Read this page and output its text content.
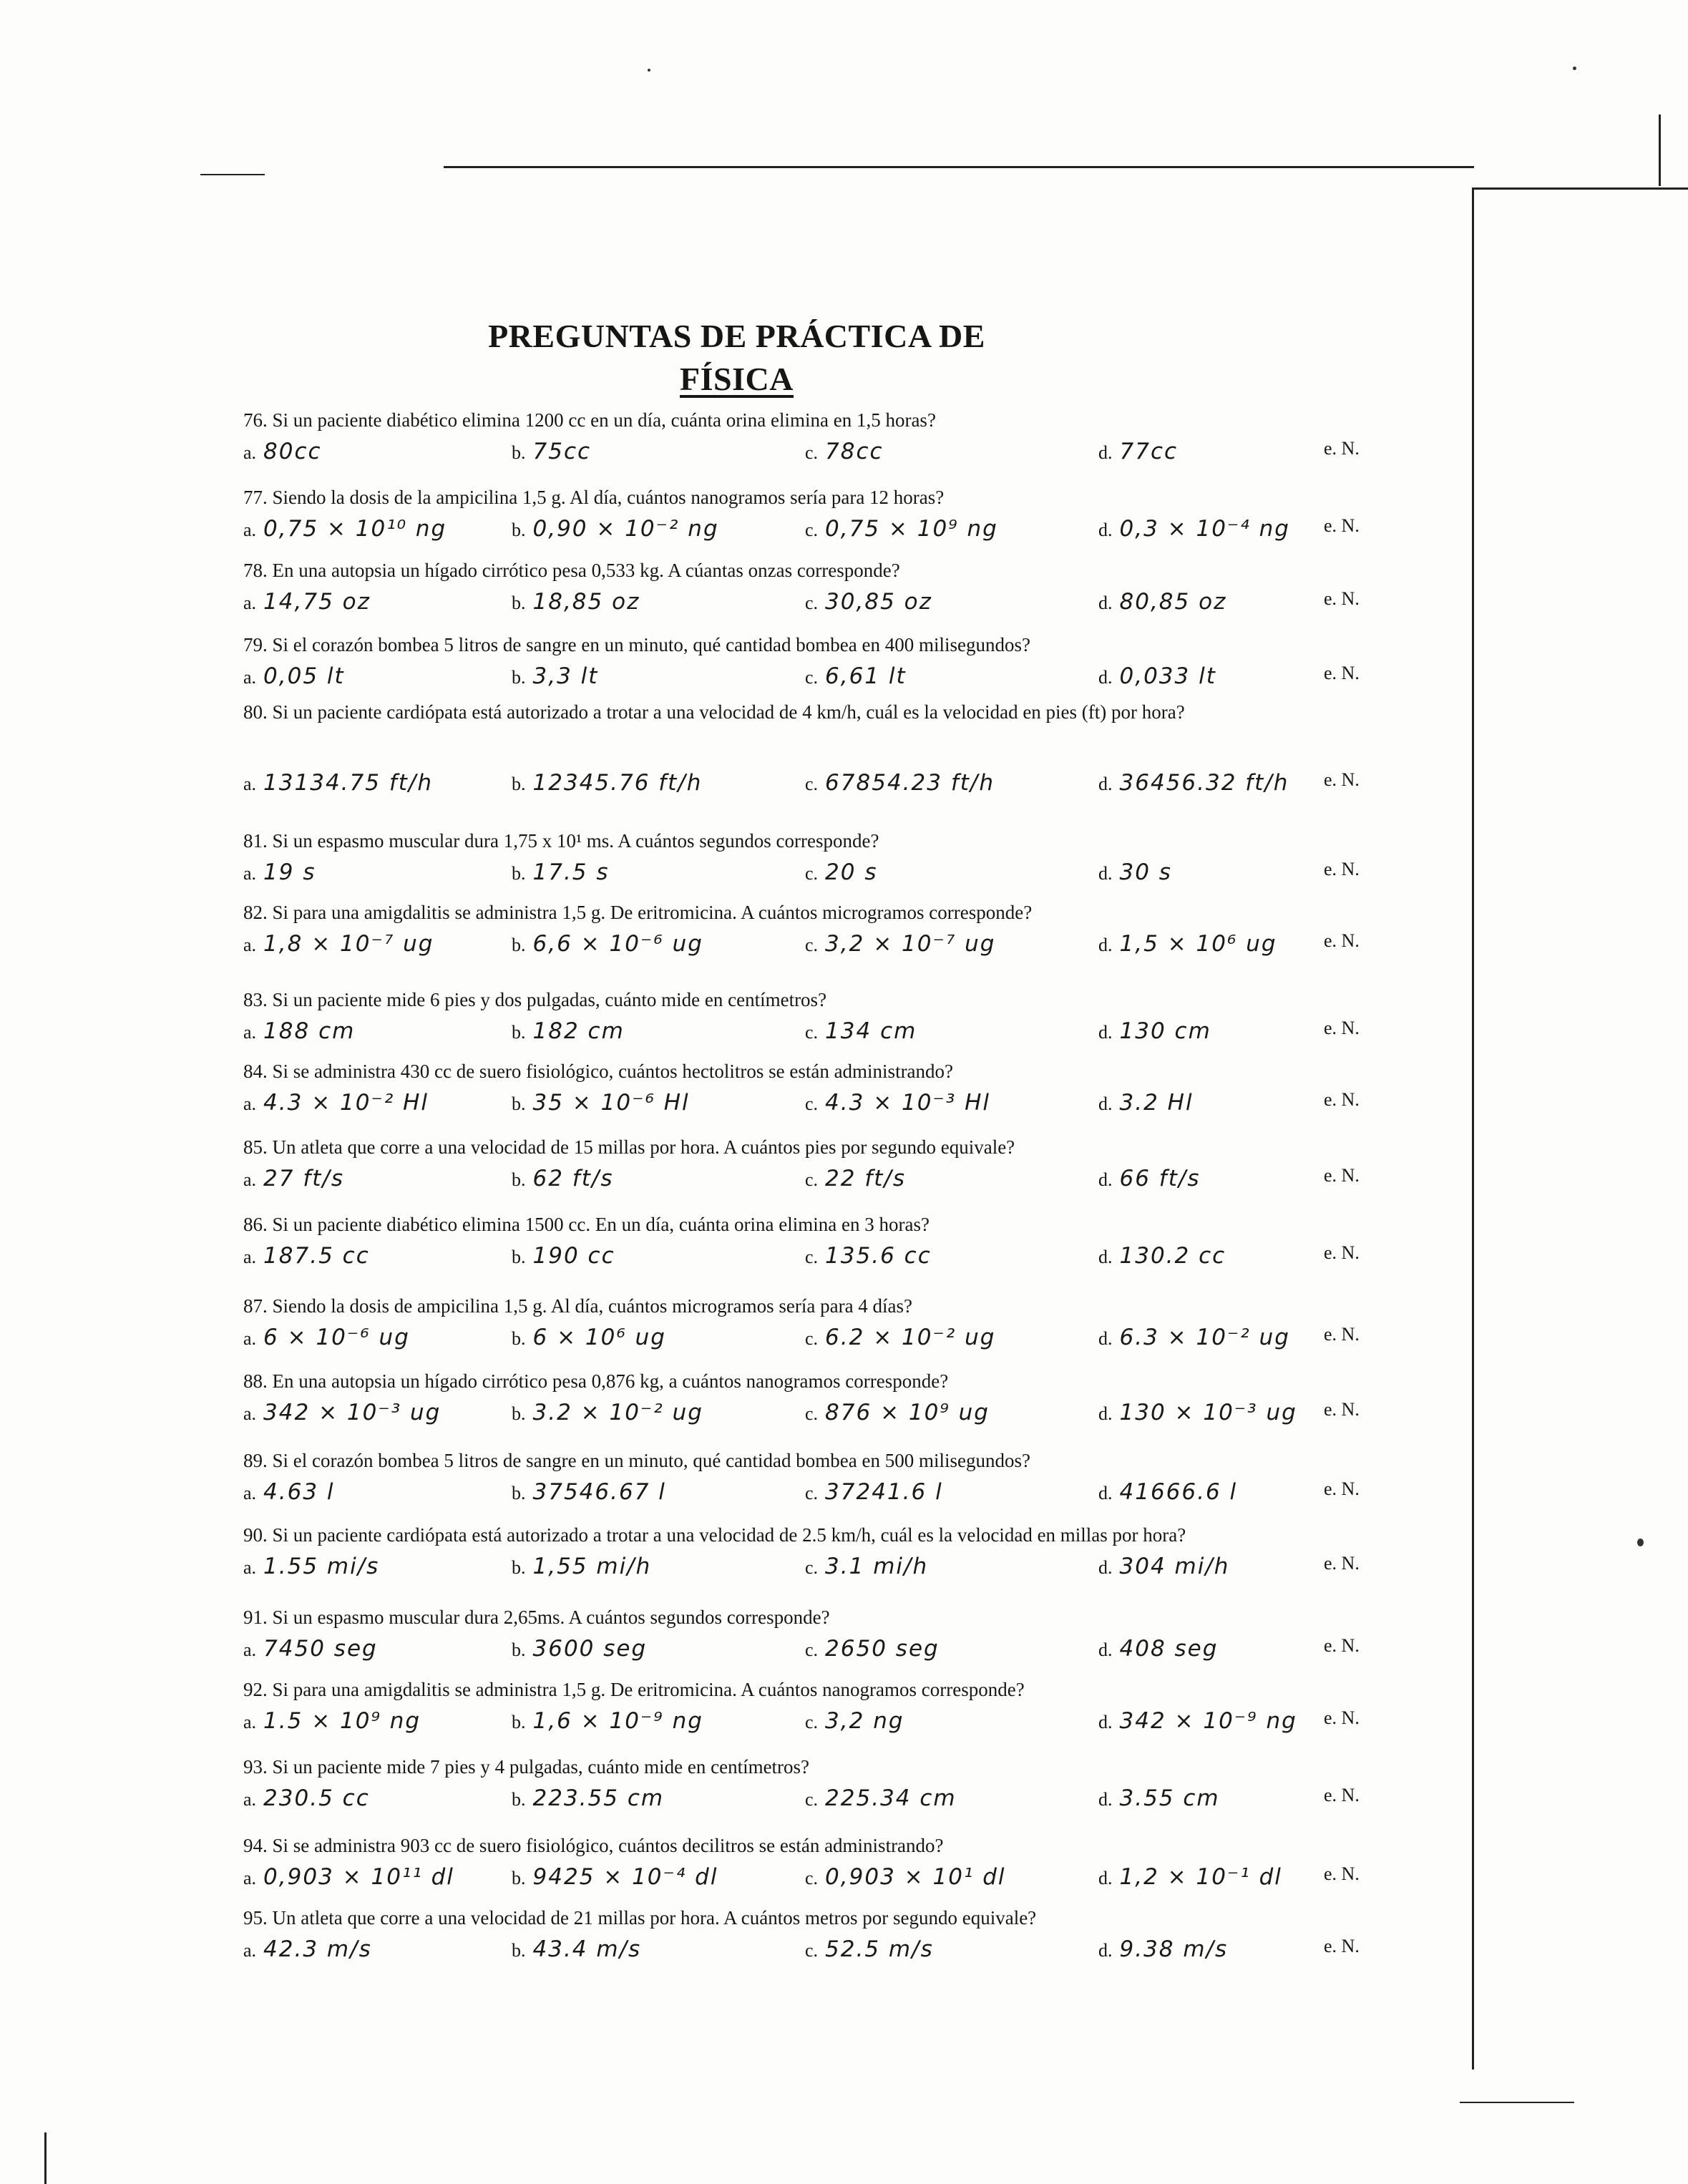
PREGUNTAS DE PRÁCTICA DE
FÍSICA
76. Si un paciente diabético elimina 1200 cc en un día, cuánta orina elimina en 1,5 horas?
a. 80cc	b. 75cc	c. 78cc	d. 77cc	e. N.
77. Siendo la dosis de la ampicilina 1,5 g. Al día, cuántos nanogramos sería para 12 horas?
a. 0,75 × 10¹⁰ ng	b. 0,90 × 10⁻² ng	c. 0,75 × 10⁹ ng	d. 0,3 × 10⁻⁴ ng e. N.
78. En una autopsia un hígado cirrótico pesa 0,533 kg. A cúantas onzas corresponde?
a. 14,75 oz	b. 18,85 oz	c. 30,85 oz	d. 80,85 oz	e. N.
79. Si el corazón bombea 5 litros de sangre en un minuto, qué cantidad bombea en 400 milisegundos?
a. 0,05 lt	b. 3,3 lt	c. 6,61 lt	d. 0,033 lt	e. N.
80. Si un paciente cardiópata está autorizado a trotar a una velocidad de 4 km/h, cuál es la velocidad en pies (ft) por hora?
a. 13134.75 ft/h	b. 12345.76 ft/h	c. 67854.23 ft/h	d. 36456.32 ft/h e. N.
81. Si un espasmo muscular dura 1,75 x 10¹ ms. A cuántos segundos corresponde?
a. 19 s	b. 17.5 s	c. 20 s	d. 30 s	e. N.
82. Si para una amigdalitis se administra 1,5 g. De eritromicina. A cuántos microgramos corresponde?
a. 1,8 × 10⁻⁷ ug	b. 6,6 × 10⁻⁶ ug	c. 3,2 × 10⁻⁷ ug	d. 1,5 × 10⁶ ug	e. N.
83. Si un paciente mide 6 pies y dos pulgadas, cuánto mide en centímetros?
a. 188 cm	b. 182 cm	c. 134 cm	d. 130 cm	e. N.
84. Si se administra 430 cc de suero fisiológico, cuántos hectolitros se están administrando?
a. 4.3 × 10⁻² Hl	b. 35 × 10⁻⁶ Hl	c. 4.3 × 10⁻³ Hl	d. 3.2 Hl	e. N.
85. Un atleta que corre a una velocidad de 15 millas por hora. A cuántos pies por segundo equivale?
a. 27 ft/s	b. 62 ft/s	c. 22 ft/s	d. 66 ft/s	e. N.
86. Si un paciente diabético elimina 1500 cc. En un día, cuánta orina elimina en 3 horas?
a. 187.5 cc	b. 190 cc	c. 135.6 cc	d. 130.2 cc	e. N.
87. Siendo la dosis de ampicilina 1,5 g. Al día, cuántos microgramos sería para 4 días?
a. 6 × 10⁻⁶ ug	b. 6 × 10⁶ ug	c. 6.2 × 10⁻² ug	d. 6.3 × 10⁻² ug e. N.
88. En una autopsia un hígado cirrótico pesa 0,876 kg, a cuántos nanogramos corresponde?
a. 342 × 10⁻³ ug	b. 3.2 × 10⁻² ug	c. 876 × 10⁹ ug	d. 130 × 10⁻³ ug e. N.
89. Si el corazón bombea 5 litros de sangre en un minuto, qué cantidad bombea en 500 milisegundos?
a. 4.63 l	b. 37546.67 l	c. 37241.6 l	d. 41666.6 l	e. N.
90. Si un paciente cardiópata está autorizado a trotar a una velocidad de 2.5 km/h, cuál es la velocidad en millas por hora?
a. 1.55 mi/s	b. 1,55 mi/h	c. 3.1 mi/h	d. 304 mi/h	e. N.
91. Si un espasmo muscular dura 2,65ms. A cuántos segundos corresponde?
a. 7450 seg	b. 3600 seg	c. 2650 seg	d. 408 seg	e. N.
92. Si para una amigdalitis se administra 1,5 g. De eritromicina. A cuántos nanogramos corresponde?
a. 1.5 × 10⁹ ng	b. 1,6 × 10⁻⁹ ng	c. 3,2 ng	d. 342 × 10⁻⁹ ng e. N.
93. Si un paciente mide 7 pies y 4 pulgadas, cuánto mide en centímetros?
a. 230.5 cc	b. 223.55 cm	c. 225.34 cm	d. 3.55 cm	e. N.
94. Si se administra 903 cc de suero fisiológico, cuántos decilitros se están administrando?
a. 0,903 × 10¹¹ dl	b. 9425 × 10⁻⁴ dl	c. 0,903 × 10¹ dl	d. 1,2 × 10⁻¹ dl e. N.
95. Un atleta que corre a una velocidad de 21 millas por hora. A cuántos metros por segundo equivale?
a. 42.3 m/s	b. 43.4 m/s	c. 52.5 m/s	d. 9.38 m/s	e. N.
